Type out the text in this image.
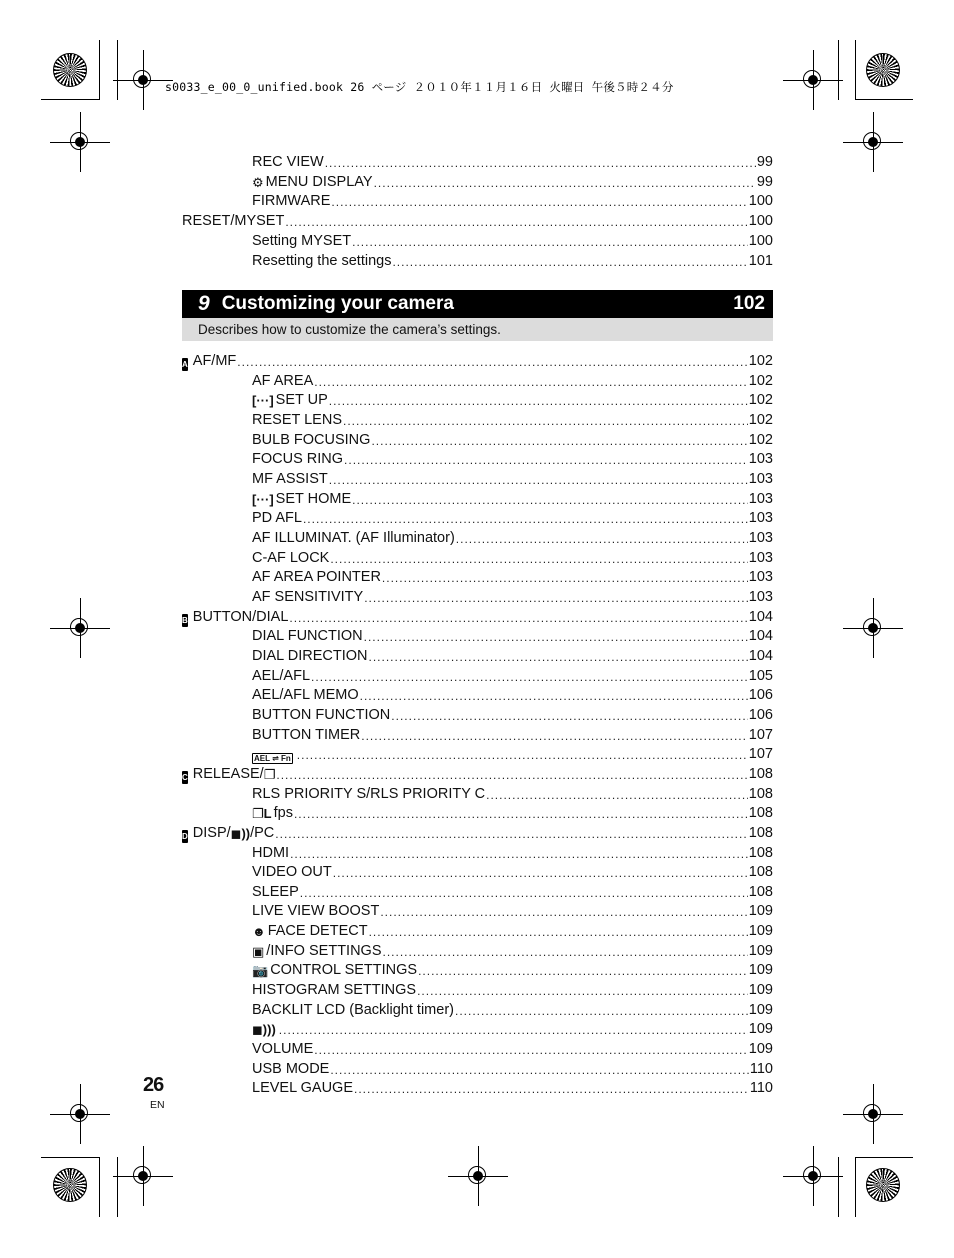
s0033_e_00_0_unified.book 26 ページ ２０１０年１１月１６日 火曜日 午後５時２４分
REC VIEW .....	99
⚙ MENU DISPLAY .....	99
FIRMWARE .....	100
RESET/MYSET .....	100
Setting MYSET .....	100
Resetting the settings .....	101
9 Customizing your camera	102
Describes how to customize the camera’s settings.
A AF/MF .....	102
AF AREA .....	102
[···] SET UP .....	102
RESET LENS .....	102
BULB FOCUSING .....	102
FOCUS RING .....	103
MF ASSIST .....	103
[···] SET HOME .....	103
PD AFL .....	103
AF ILLUMINAT. (AF Illuminator) .....	103
C-AF LOCK .....	103
AF AREA POINTER .....	103
AF SENSITIVITY .....	103
B BUTTON/DIAL .....	104
DIAL FUNCTION .....	104
DIAL DIRECTION .....	104
AEL/AFL .....	105
AEL/AFL MEMO .....	106
BUTTON FUNCTION .....	106
BUTTON TIMER .....	107
AEL ⇌ Fn .....	107
C RELEASE/ ❐ .....	108
RLS PRIORITY S/RLS PRIORITY C .....	108
❐L fps .....	108
D DISP/ ◼)) /PC .....	108
HDMI .....	108
VIDEO OUT .....	108
SLEEP .....	108
LIVE VIEW BOOST .....	109
☻ FACE DETECT .....	109
▣ /INFO SETTINGS .....	109
📷 CONTROL SETTINGS .....	109
HISTOGRAM SETTINGS .....	109
BACKLIT LCD (Backlight timer) .....	109
◼))) .....	109
VOLUME .....	109
USB MODE .....	110
LEVEL GAUGE .....	110
26
EN
